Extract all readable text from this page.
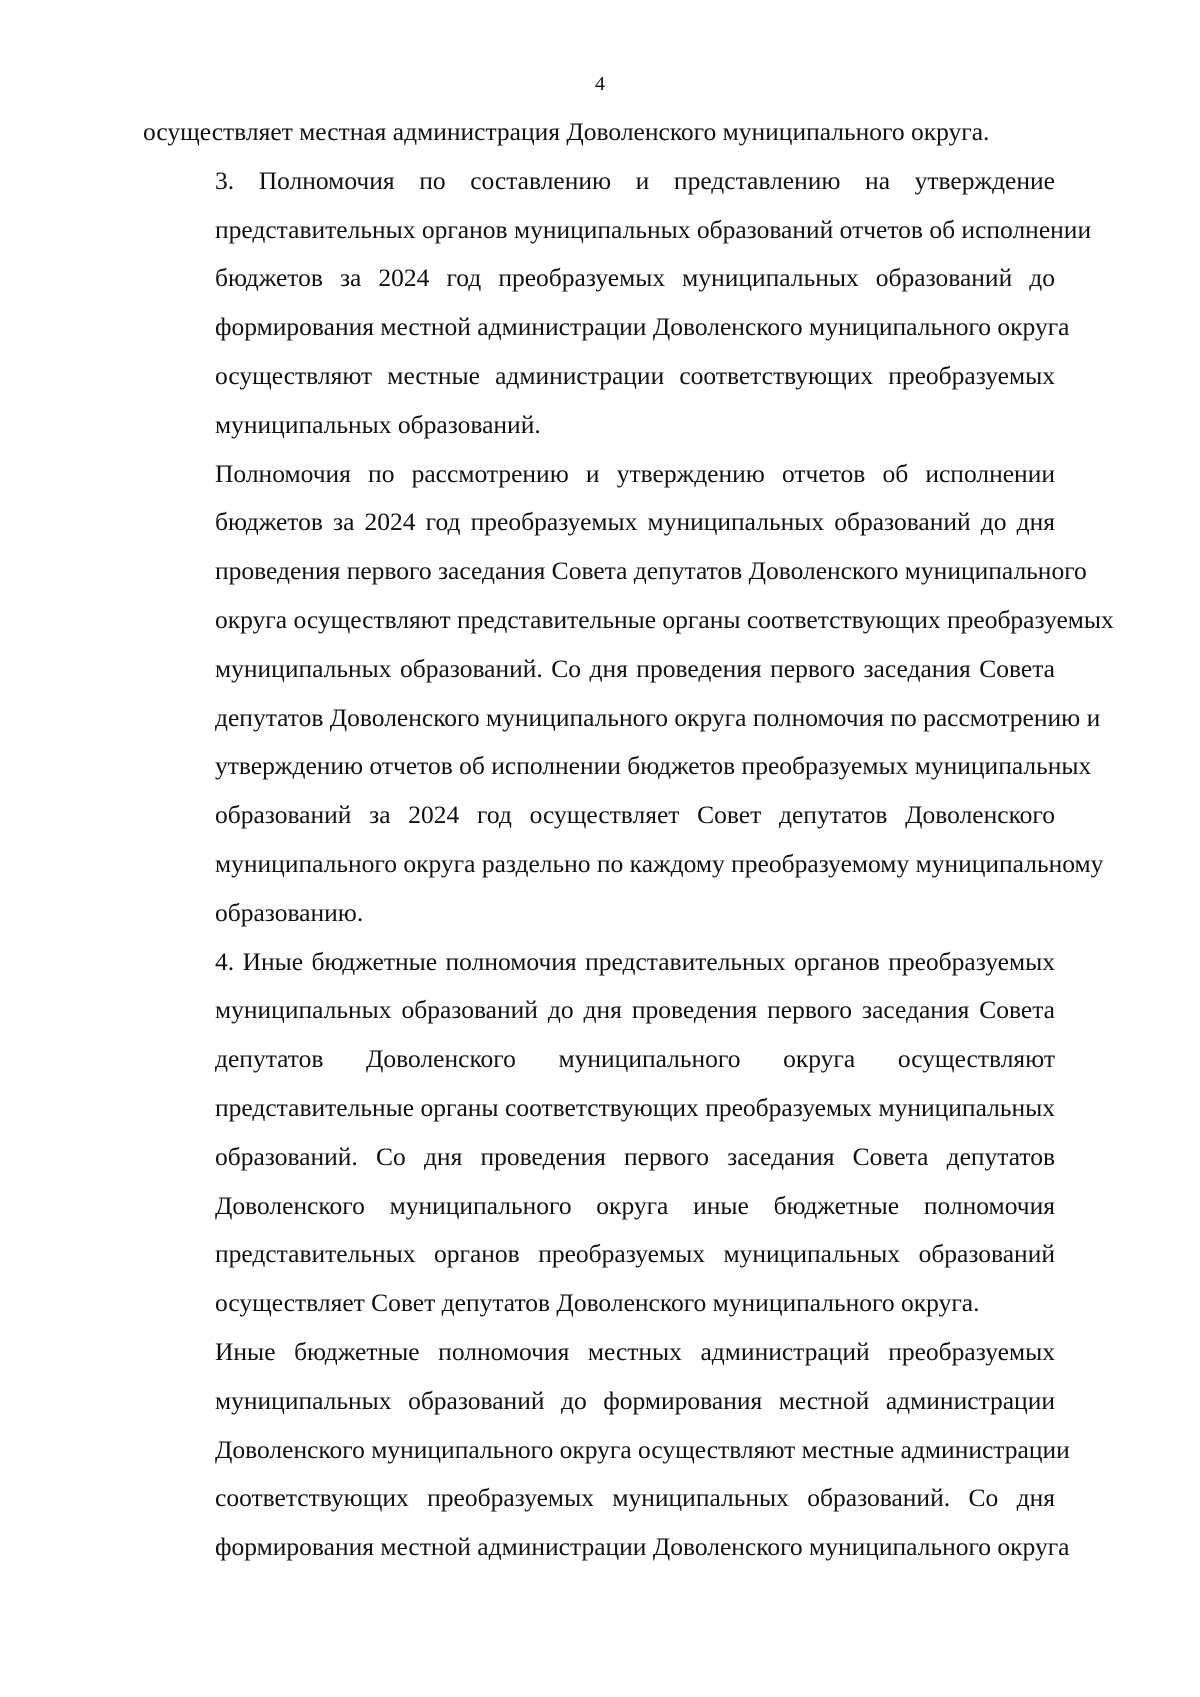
4

осуществляет местная администрация Доволенского муниципального округа.

3. Полномочия по составлению и представлению на утверждение
представительных органов муниципальных образований отчетов об исполнении
бюджетов за 2024 год преобразуемых муниципальных образований до
формирования местной администрации Доволенского муниципального округа
осуществляют местные администрации соответствующих преобразуемых
муниципальных образований.

Полномочия по рассмотрению и утверждению отчетов об исполнении
бюджетов за 2024 год преобразуемых муниципальных образований до дня
проведения первого заседания Совета депутатов Доволенского муниципального
округа осуществляют представительные органы соответствующих преобразуемых
муниципальных образований. Со дня проведения первого заседания Совета
депутатов Доволенского муниципального округа полномочия по рассмотрению и
утверждению отчетов об исполнении бюджетов преобразуемых муниципальных
образований за 2024 год осуществляет Совет депутатов Доволенского
муниципального округа раздельно по каждому преобразуемому муниципальному
образованию.

4. Иные бюджетные полномочия представительных органов преобразуемых
муниципальных образований до дня проведения первого заседания Совета
депутатов Доволенского муниципального округа осуществляют
представительные органы соответствующих преобразуемых муниципальных
образований. Со дня проведения первого заседания Совета депутатов
Доволенского муниципального округа иные бюджетные полномочия
представительных органов преобразуемых муниципальных образований
осуществляет Совет депутатов Доволенского муниципального округа.

Иные бюджетные полномочия местных администраций преобразуемых
муниципальных образований до формирования местной администрации
Доволенского муниципального округа осуществляют местные администрации
соответствующих преобразуемых муниципальных образований. Со дня
формирования местной администрации Доволенского муниципального округа
